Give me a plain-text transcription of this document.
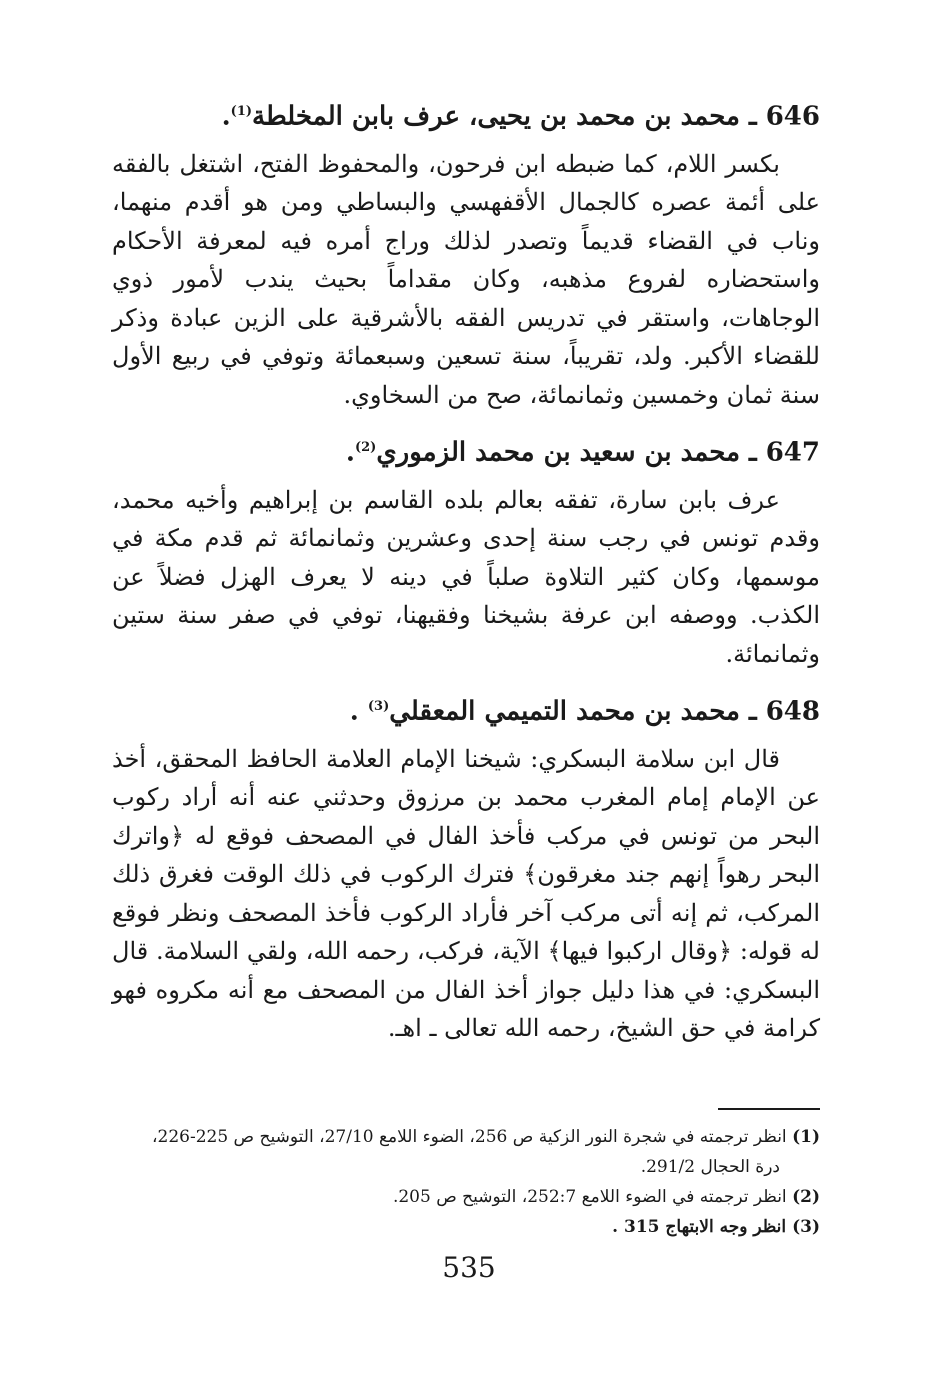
646 ـ محمد بن محمد بن يحيى، عرف بابن المخلطة$^{(1)}$.

بكسر اللام، كما ضبطه ابن فرحون، والمحفوظ الفتح، اشتغل بالفقه على أئمة عصره كالجمال الأقفهسي والبساطي ومن هو أقدم منهما، وناب في القضاء قديماً وتصدر لذلك وراج أمره فيه لمعرفة الأحكام واستحضاره لفروع مذهبه، وكان مقداماً بحيث يندب لأمور ذوي الوجاهات، واستقر في تدريس الفقه بالأشرقية على الزين عبادة وذكر للقضاء الأكبر. ولد، تقريباً، سنة تسعين وسبعمائة وتوفي في ربيع الأول سنة ثمان وخمسين وثمانمائة، صح من السخاوي.

647 ـ محمد بن سعيد بن محمد الزموري$^{(2)}$.

عرف بابن سارة، تفقه بعالم بلده القاسم بن إبراهيم وأخيه محمد، وقدم تونس في رجب سنة إحدى وعشرين وثمانمائة ثم قدم مكة في موسمها، وكان كثير التلاوة صلباً في دينه لا يعرف الهزل فضلاً عن الكذب. ووصفه ابن عرفة بشيخنا وفقيهنا، توفي في صفر سنة ستين وثمانمائة.

648 ـ محمد بن محمد التميمي المعقلي$^{(3)}$ .

قال ابن سلامة البسكري: شيخنا الإمام العلامة الحافظ المحقق، أخذ عن الإمام إمام المغرب محمد بن مرزوق وحدثني عنه أنه أراد ركوب البحر من تونس في مركب فأخذ الفال في المصحف فوقع له ﴿واترك البحر رهواً إنهم جند مغرقون﴾ فترك الركوب في ذلك الوقت فغرق ذلك المركب، ثم إنه أتى مركب آخر فأراد الركوب فأخذ المصحف ونظر فوقع له قوله: ﴿وقال اركبوا فيها﴾ الآية، فركب، رحمه الله، ولقي السلامة. قال البسكري: في هذا دليل جواز أخذ الفال من المصحف مع أنه مكروه فهو كرامة في حق الشيخ، رحمه الله تعالى ـ اهـ.

(1) انظر ترجمته في شجرة النور الزكية ص 256، الضوء اللامع 27/10، التوشيح ص 225-226،
درة الحجال 291/2.
(2) انظر ترجمته في الضوء اللامع 252:7، التوشيح ص 205.
(3) انظر وجه الابتهاج 315 .
535
